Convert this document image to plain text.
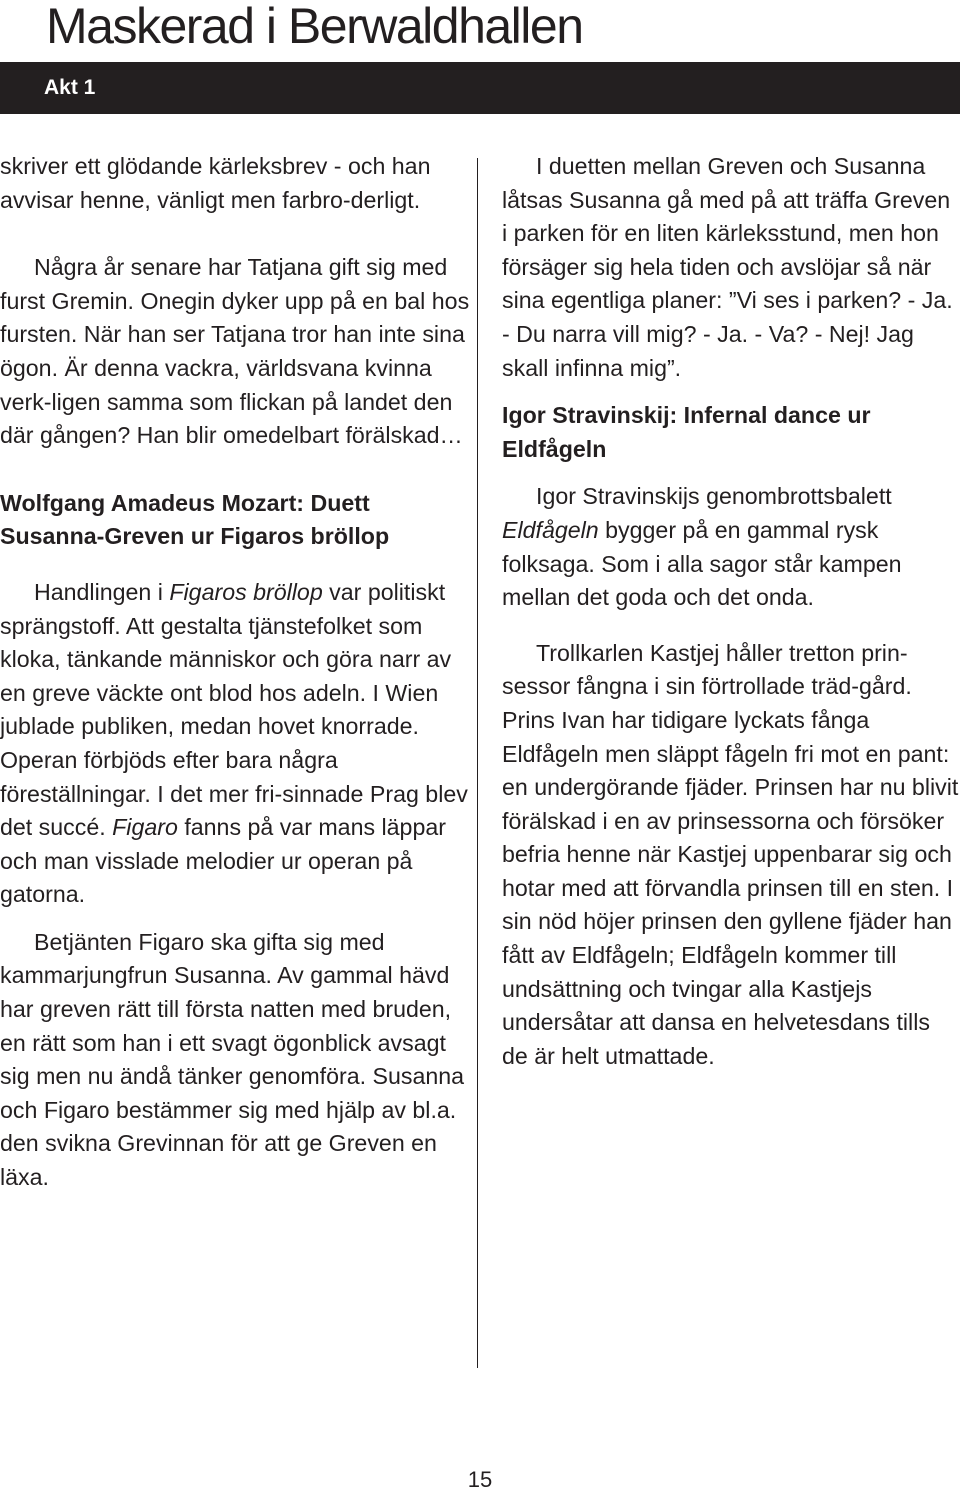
Maskerad i Berwaldhallen
Akt 1

skriver ett glödande kärleksbrev - och han avvisar henne, vänligt men farbro-derligt.

Några år senare har Tatjana gift sig med furst Gremin. Onegin dyker upp på en bal hos fursten. När han ser Tatjana tror han inte sina ögon. Är denna vackra, världsvana kvinna verk-ligen samma som flickan på landet den där gången? Han blir omedelbart förälskad…

Wolfgang Amadeus Mozart: Duett Susanna-Greven ur Figaros bröllop

Handlingen i Figaros bröllop var politiskt sprängstoff. Att gestalta tjänstefolket som kloka, tänkande människor och göra narr av en greve väckte ont blod hos adeln. I Wien jublade publiken, medan hovet knorrade. Operan förbjöds efter bara några föreställningar. I det mer fri-sinnade Prag blev det succé. Figaro fanns på var mans läppar och man visslade melodier ur operan på gatorna.

Betjänten Figaro ska gifta sig med kammarjungfrun Susanna. Av gammal hävd har greven rätt till första natten med bruden, en rätt som han i ett svagt ögonblick avsagt sig men nu ändå tänker genomföra. Susanna och Figaro bestämmer sig med hjälp av bl.a. den svikna Grevinnan för att ge Greven en läxa.

I duetten mellan Greven och Susanna låtsas Susanna gå med på att träffa Greven i parken för en liten kärleksstund, men hon försäger sig hela tiden och avslöjar så när sina egentliga planer: ”Vi ses i parken? - Ja. - Du narra vill mig? - Ja. - Va? - Nej! Jag skall infinna mig”.

Igor Stravinskij: Infernal dance ur Eldfågeln

Igor Stravinskijs genombrottsbalett Eldfågeln bygger på en gammal rysk folksaga. Som i alla sagor står kampen mellan det goda och det onda.

Trollkarlen Kastjej håller tretton prin-sessor fångna i sin förtrollade träd-gård. Prins Ivan har tidigare lyckats fånga Eldfågeln men släppt fågeln fri mot en pant: en undergörande fjäder. Prinsen har nu blivit förälskad i en av prinsessorna och försöker befria henne när Kastjej uppenbarar sig och hotar med att förvandla prinsen till en sten. I sin nöd höjer prinsen den gyllene fjäder han fått av Eldfågeln; Eldfågeln kommer till undsättning och tvingar alla Kastjejs undersåtar att dansa en helvetesdans tills de är helt utmattade.

15
